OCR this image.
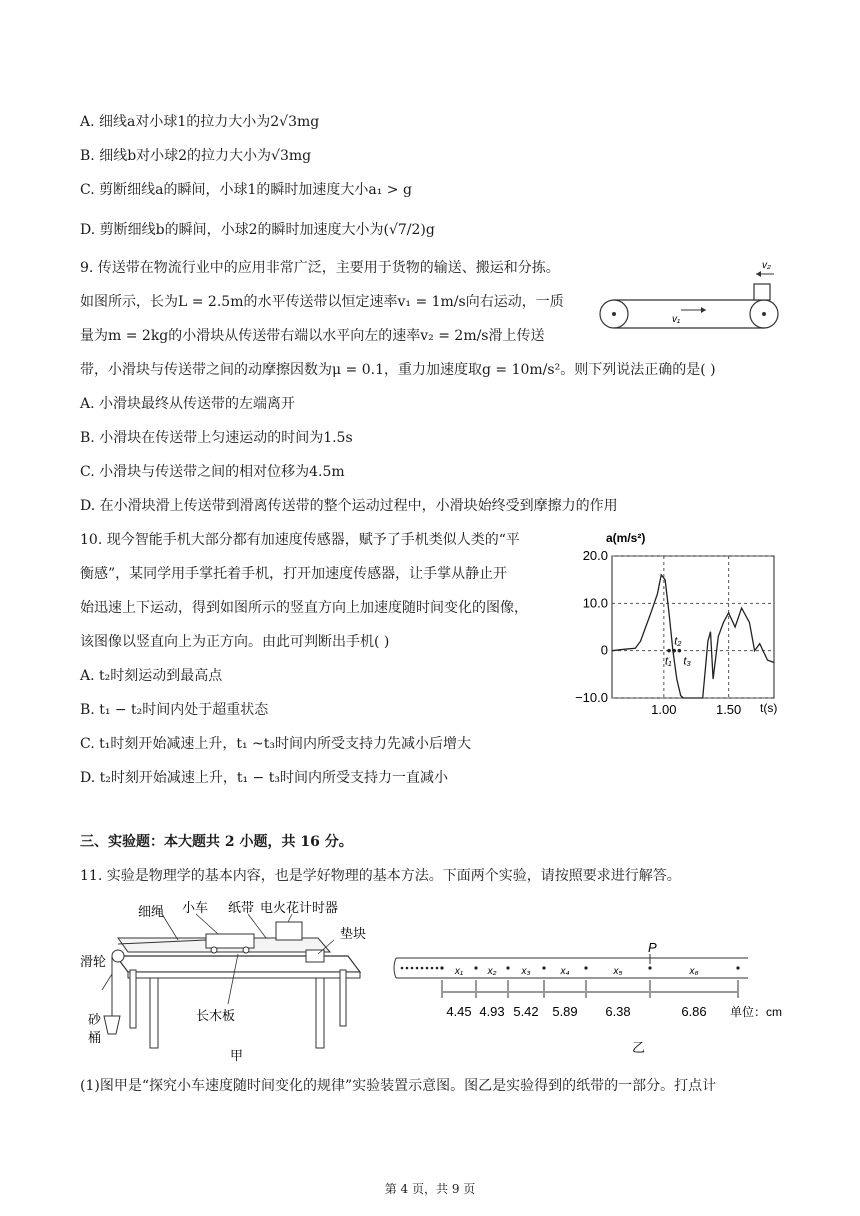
A. 细线a对小球1的拉力大小为2√3mg
B. 细线b对小球2的拉力大小为√3mg
C. 剪断细线a的瞬间，小球1的瞬时加速度大小a₁ > g
D. 剪断细线b的瞬间，小球2的瞬时加速度大小为(√7/2)g
9. 传送带在物流行业中的应用非常广泛，主要用于货物的输送、搬运和分拣。
如图所示，长为L = 2.5m的水平传送带以恒定速率v₁ = 1m/s向右运动，一质
量为m = 2kg的小滑块从传送带右端以水平向左的速率v₂ = 2m/s滑上传送
带，小滑块与传送带之间的动摩擦因数为μ = 0.1，重力加速度取g = 10m/s²。则下列说法正确的是( )
A. 小滑块最终从传送带的左端离开
B. 小滑块在传送带上匀速运动的时间为1.5s
C. 小滑块与传送带之间的相对位移为4.5m
D. 在小滑块滑上传送带到滑离传送带的整个运动过程中，小滑块始终受到摩擦力的作用
v₂
v₁
10. 现今智能手机大部分都有加速度传感器，赋予了手机类似人类的“平
衡感”，某同学用手掌托着手机，打开加速度传感器，让手掌从静止开
始迅速上下运动，得到如图所示的竖直方向上加速度随时间变化的图像，
该图像以竖直向上为正方向。由此可判断出手机( )
A. t₂时刻运动到最高点
B. t₁ − t₂时间内处于超重状态
C. t₁时刻开始减速上升，t₁ ~t₃时间内所受支持力先减小后增大
D. t₂时刻开始减速上升，t₁ − t₃时间内所受支持力一直减小
a(m/s²)
t(s)
20.0
10.0
0
−10.0
1.00	1.50
t₁
t₂
t₃
三、实验题：本大题共 2 小题，共 16 分。
11. 实验是物理学的基本内容，也是学好物理的基本方法。下面两个实验，请按照要求进行解答。
细绳 小车 纸带 电火花计时器
垫块
滑轮
砂
桶
长木板
甲
x₁
4.45
x₂
4.93
x₃
5.42
x₄
5.89
x₅
6.38
x₆
6.86
P
单位：cm
乙
(1)图甲是“探究小车速度随时间变化的规律”实验装置示意图。图乙是实验得到的纸带的一部分。打点计
第 4 页，共 9 页
